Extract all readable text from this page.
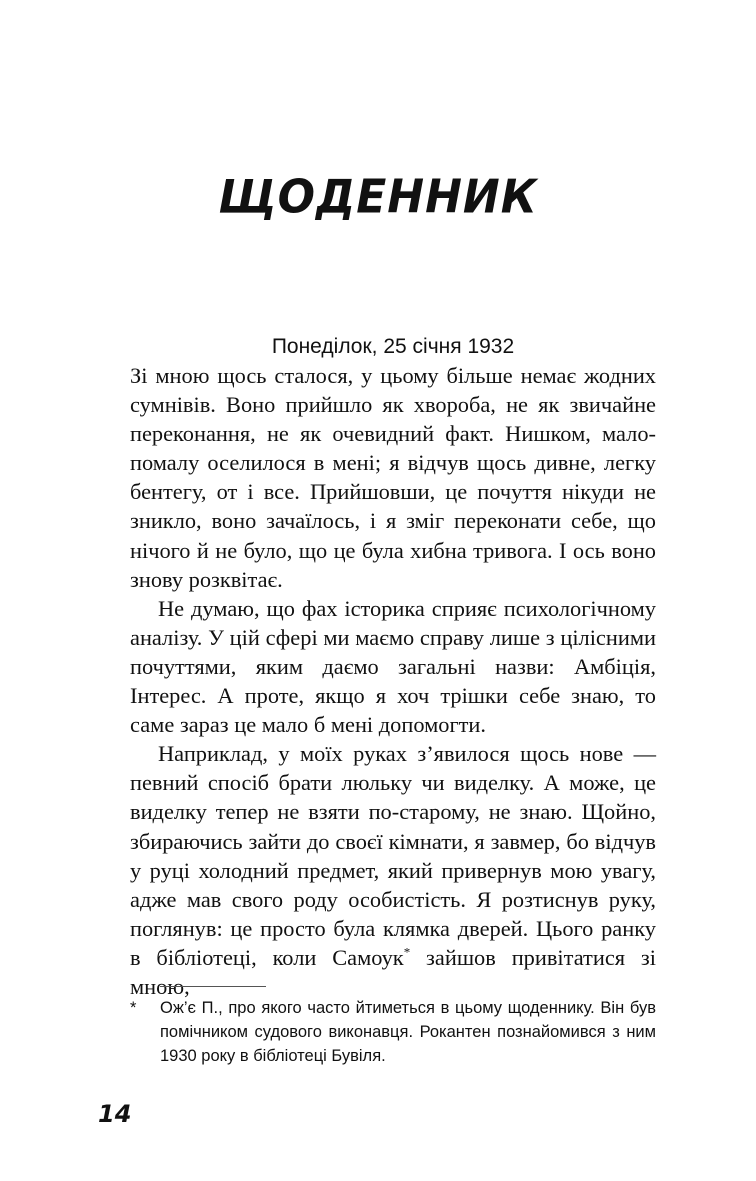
ЩОДЕННИК
Понеділок, 25 січня 1932

Зі мною щось сталося, у цьому більше немає жодних сумнівів. Воно прийшло як хвороба, не як звичайне переконання, не як очевидний факт. Нишком, мало-помалу оселилося в мені; я відчув щось дивне, легку бентегу, от і все. Прийшовши, це почуття нікуди не зникло, воно зачаїлось, і я зміг переконати себе, що нічого й не було, що це була хибна тривога. І ось воно знову розквітає.

Не думаю, що фах історика сприяє психологічному аналізу. У цій сфері ми маємо справу лише з цілісними почуттями, яким даємо загальні назви: Амбіція, Інтерес. А проте, якщо я хоч трішки себе знаю, то саме зараз це мало б мені допомогти.

Наприклад, у моїх руках з’явилося щось нове — певний спосіб брати люльку чи виделку. А може, це виделку тепер не взяти по-старому, не знаю. Щойно, збираючись зайти до своєї кімнати, я завмер, бо відчув у руці холодний предмет, який привернув мою увагу, адже мав свого роду особистість. Я розтиснув руку, поглянув: це просто була клямка дверей. Цього ранку в бібліотеці, коли Самоук* зайшов привітатися зі мною,

*	Ож’є П., про якого часто йтиметься в цьому щоденнику. Він був помічником судового виконавця. Рокантен познайомився з ним 1930 року в бібліотеці Бувіля.
14
